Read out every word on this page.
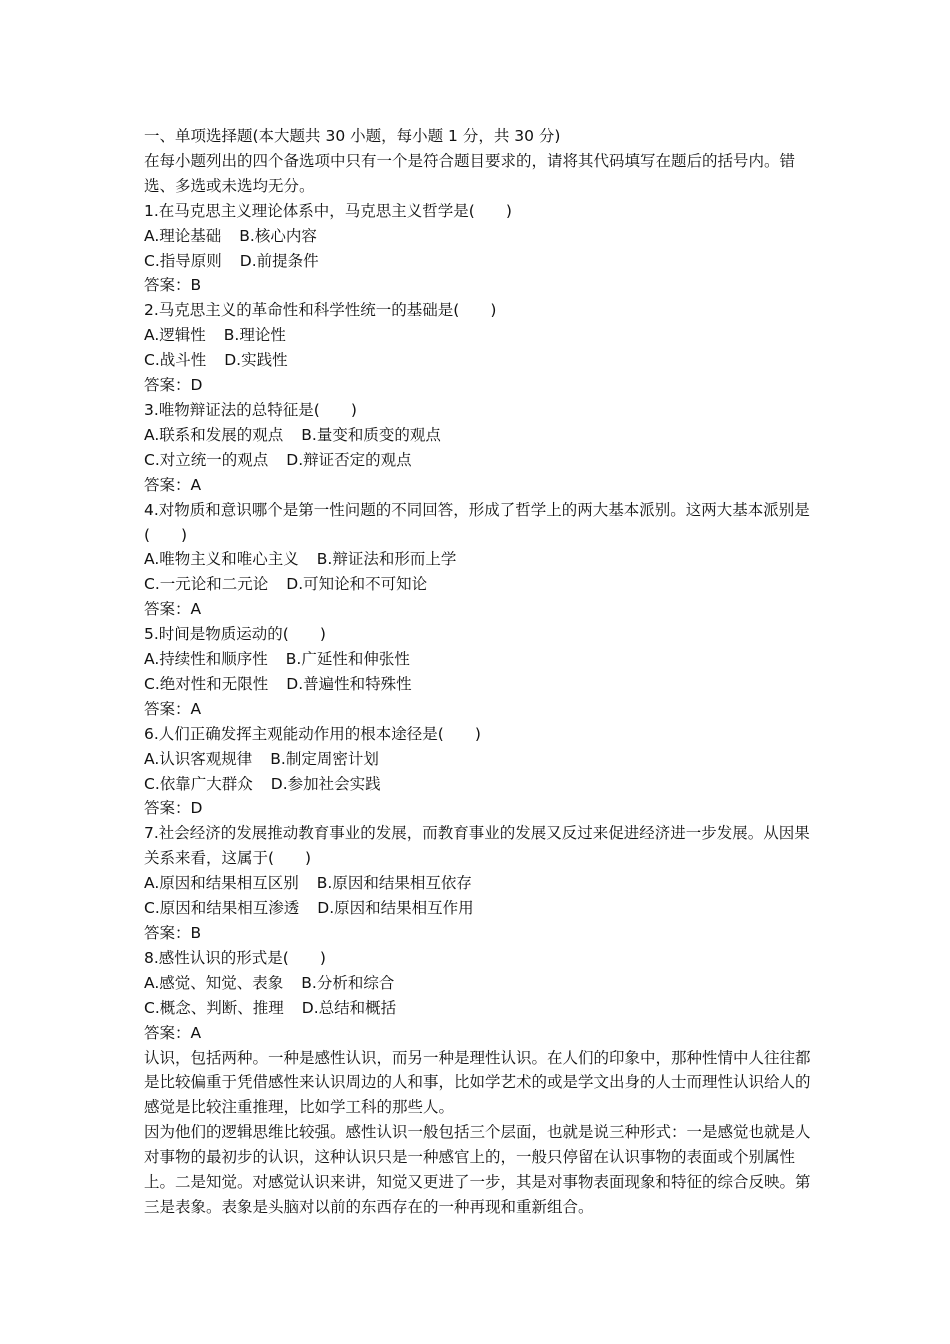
一、单项选择题(本大题共 30 小题，每小题 1 分，共 30 分)
在每小题列出的四个备选项中只有一个是符合题目要求的，请将其代码填写在题后的括号内。错选、多选或未选均无分。
1.在马克思主义理论体系中，马克思主义哲学是(　　)
A.理论基础 B.核心内容
C.指导原则 D.前提条件
答案：B
2.马克思主义的革命性和科学性统一的基础是(　　)
A.逻辑性 B.理论性
C.战斗性 D.实践性
答案：D
3.唯物辩证法的总特征是(　　)
A.联系和发展的观点 B.量变和质变的观点
C.对立统一的观点 D.辩证否定的观点
答案：A
4.对物质和意识哪个是第一性问题的不同回答，形成了哲学上的两大基本派别。这两大基本派别是(　　)
A.唯物主义和唯心主义 B.辩证法和形而上学
C.一元论和二元论 D.可知论和不可知论
答案：A
5.时间是物质运动的(　　)
A.持续性和顺序性 B.广延性和伸张性
C.绝对性和无限性 D.普遍性和特殊性
答案：A
6.人们正确发挥主观能动作用的根本途径是(　　)
A.认识客观规律 B.制定周密计划
C.依靠广大群众 D.参加社会实践
答案：D
7.社会经济的发展推动教育事业的发展，而教育事业的发展又反过来促进经济进一步发展。从因果关系来看，这属于(　　)
A.原因和结果相互区别 B.原因和结果相互依存
C.原因和结果相互渗透 D.原因和结果相互作用
答案：B
8.感性认识的形式是(　　)
A.感觉、知觉、表象 B.分析和综合
C.概念、判断、推理 D.总结和概括
答案：A
认识，包括两种。一种是感性认识，而另一种是理性认识。在人们的印象中，那种性情中人往往都是比较偏重于凭借感性来认识周边的人和事，比如学艺术的或是学文出身的人士而理性认识给人的感觉是比较注重推理，比如学工科的那些人。
因为他们的逻辑思维比较强。感性认识一般包括三个层面，也就是说三种形式：一是感觉也就是人对事物的最初步的认识，这种认识只是一种感官上的，一般只停留在认识事物的表面或个别属性上。二是知觉。对感觉认识来讲，知觉又更进了一步，其是对事物表面现象和特征的综合反映。第三是表象。表象是头脑对以前的东西存在的一种再现和重新组合。
